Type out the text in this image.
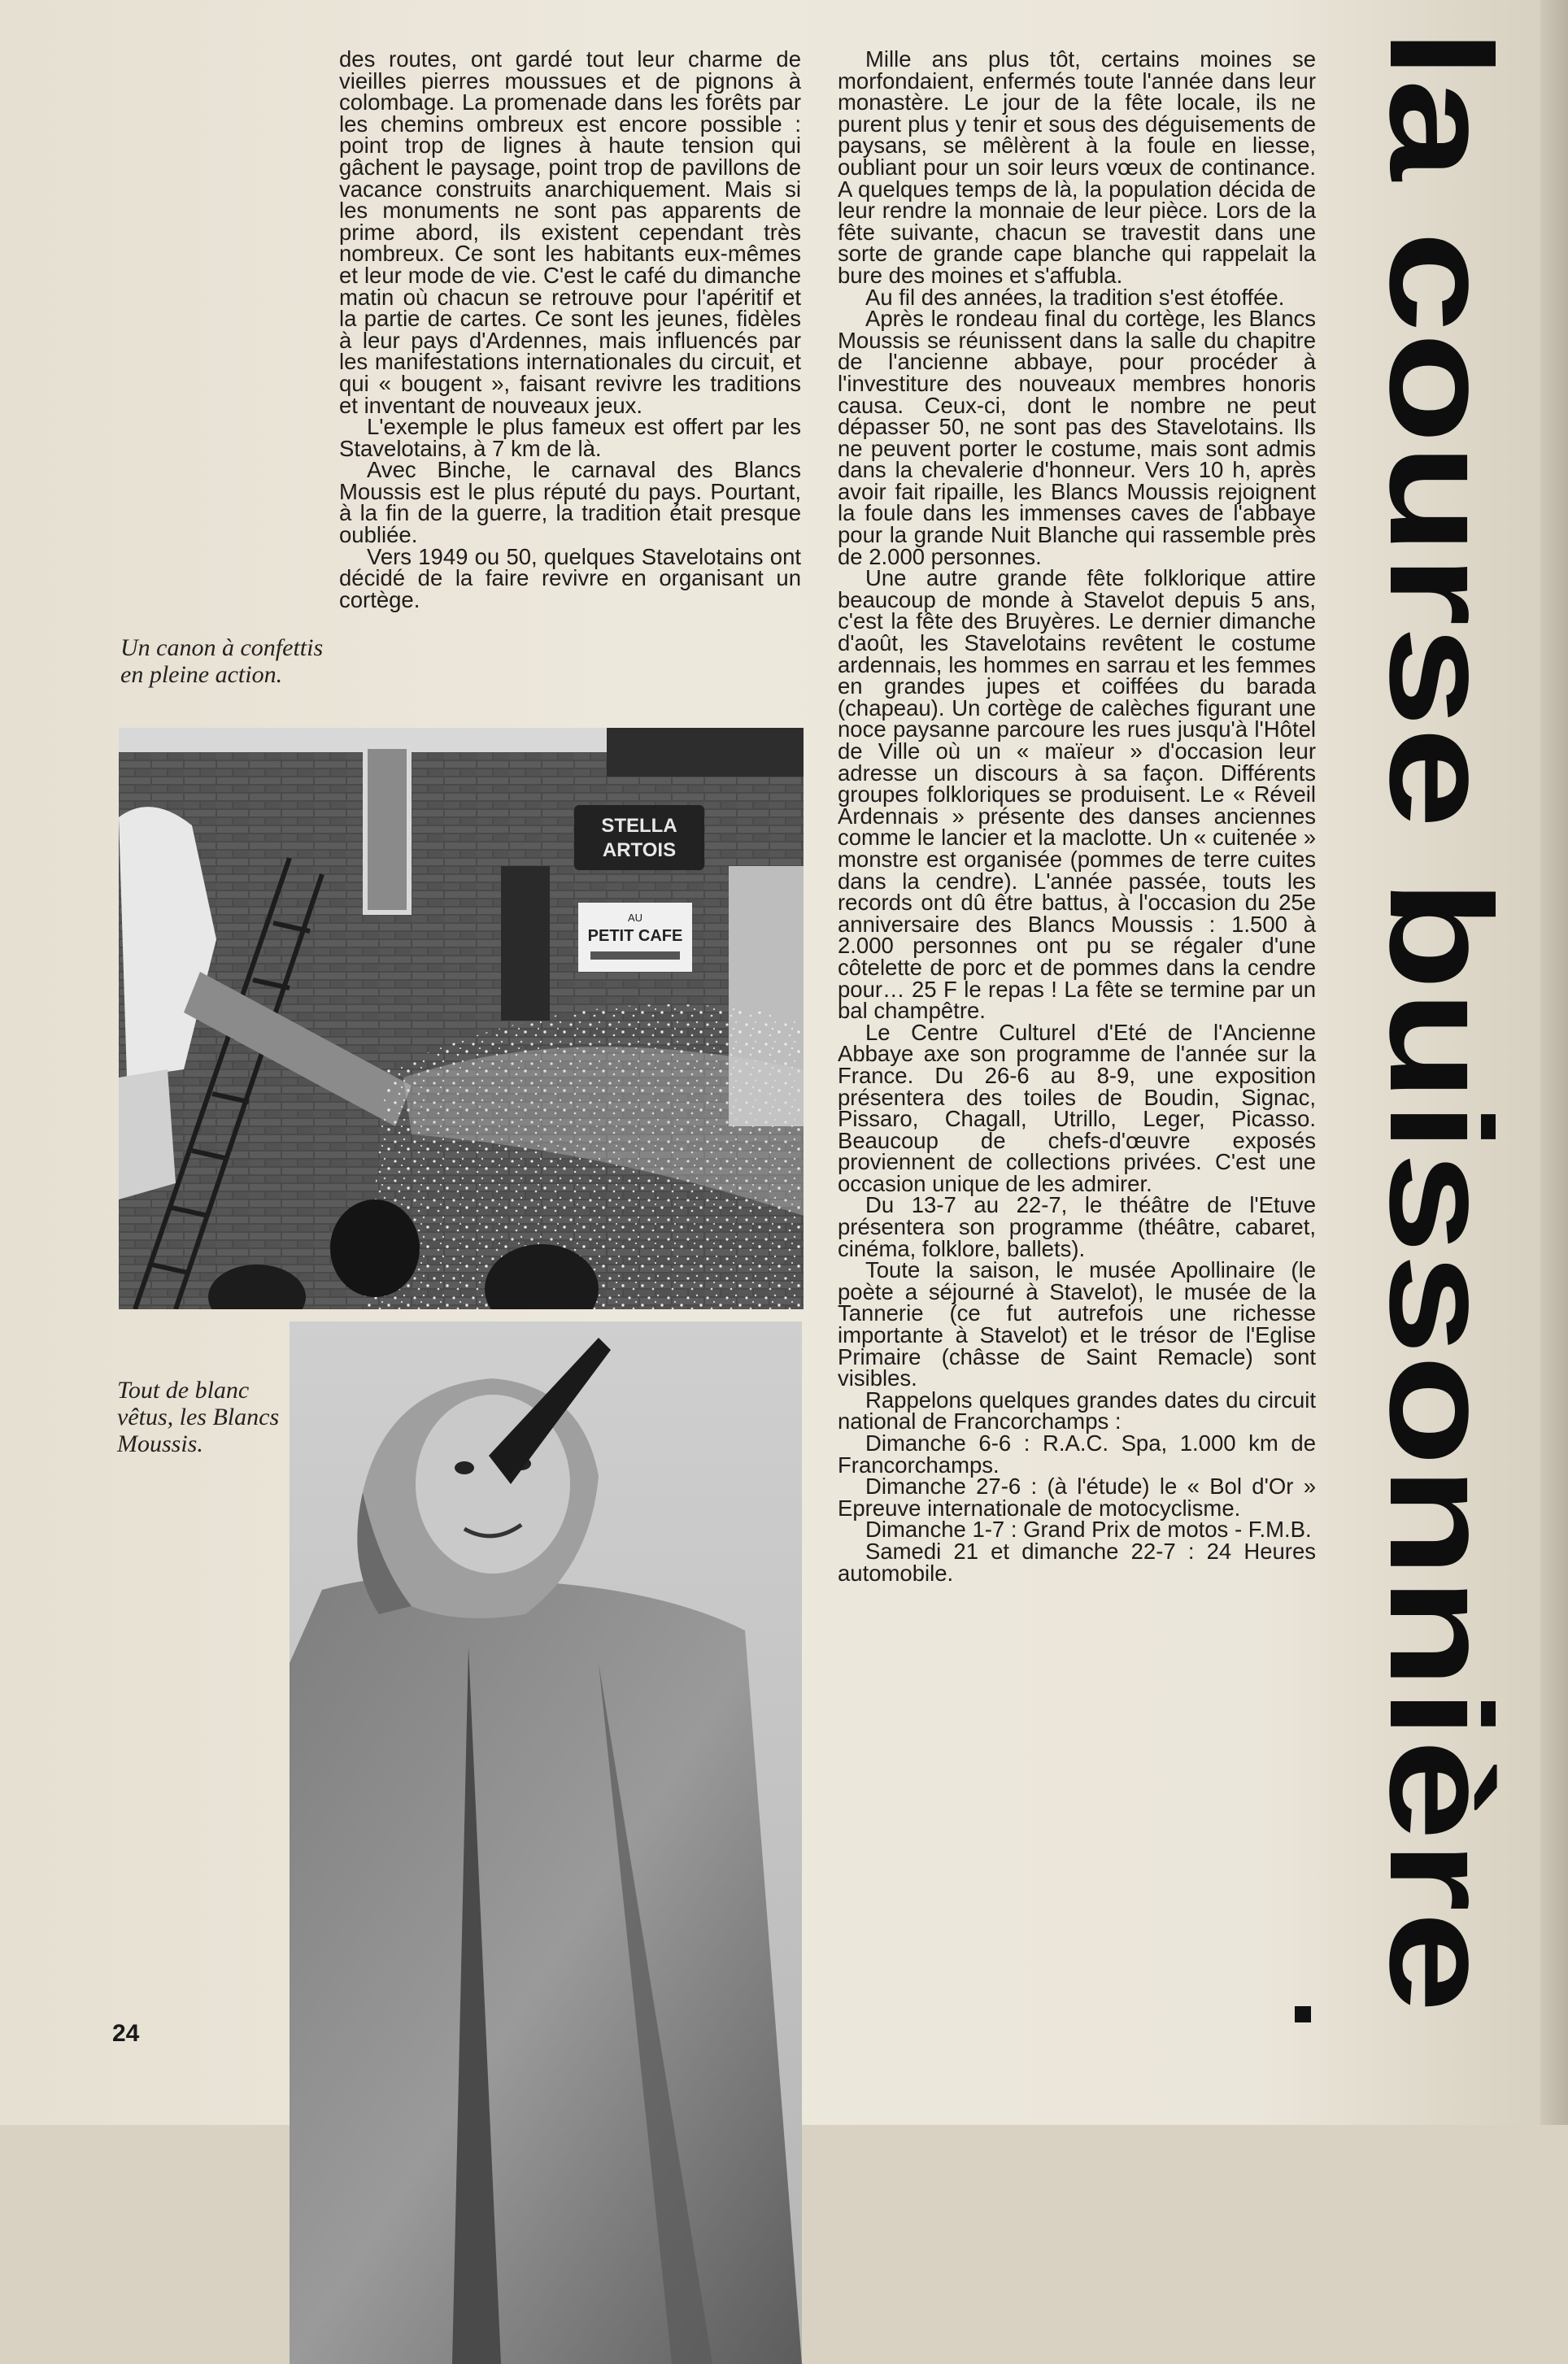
des routes, ont gardé tout leur charme de vieilles pierres moussues et de pignons à colombage. La promenade dans les forêts par les chemins ombreux est encore possible : point trop de lignes à haute tension qui gâchent le paysage, point trop de pavillons de vacance construits anarchiquement. Mais si les monuments ne sont pas apparents de prime abord, ils existent cependant très nombreux. Ce sont les habitants eux-mêmes et leur mode de vie. C'est le café du dimanche matin où chacun se retrouve pour l'apéritif et la partie de cartes. Ce sont les jeunes, fidèles à leur pays d'Ardennes, mais influencés par les manifestations internationales du circuit, et qui « bougent », faisant revivre les traditions et inventant de nouveaux jeux.

L'exemple le plus fameux est offert par les Stavelotains, à 7 km de là.

Avec Binche, le carnaval des Blancs Moussis est le plus réputé du pays. Pourtant, à la fin de la guerre, la tradition était presque oubliée.

Vers 1949 ou 50, quelques Stavelotains ont décidé de la faire revivre en organisant un cortège.

Un canon à confettis en pleine action.
STELLA
ARTOIS
AU
PETIT CAFE
Tout de blanc vêtus, les Blancs Moussis.

Mille ans plus tôt, certains moines se morfondaient, enfermés toute l'année dans leur monastère. Le jour de la fête locale, ils ne purent plus y tenir et sous des déguisements de paysans, se mêlèrent à la foule en liesse, oubliant pour un soir leurs vœux de continance. A quelques temps de là, la population décida de leur rendre la monnaie de leur pièce. Lors de la fête suivante, chacun se travestit dans une sorte de grande cape blanche qui rappelait la bure des moines et s'affubla.

Au fil des années, la tradition s'est étoffée.

Après le rondeau final du cortège, les Blancs Moussis se réunissent dans la salle du chapitre de l'ancienne abbaye, pour procéder à l'investiture des nouveaux membres honoris causa. Ceux-ci, dont le nombre ne peut dépasser 50, ne sont pas des Stavelotains. Ils ne peuvent porter le costume, mais sont admis dans la chevalerie d'honneur. Vers 10 h, après avoir fait ripaille, les Blancs Moussis rejoignent la foule dans les immenses caves de l'abbaye pour la grande Nuit Blanche qui rassemble près de 2.000 personnes.

Une autre grande fête folklorique attire beaucoup de monde à Stavelot depuis 5 ans, c'est la fête des Bruyères. Le dernier dimanche d'août, les Stavelotains revêtent le costume ardennais, les hommes en sarrau et les femmes en grandes jupes et coiffées du barada (chapeau). Un cortège de calèches figurant une noce paysanne parcoure les rues jusqu'à l'Hôtel de Ville où un « maïeur » d'occasion leur adresse un discours à sa façon. Différents groupes folkloriques se produisent. Le « Réveil Ardennais » présente des danses anciennes comme le lancier et la maclotte. Un « cuitenée » monstre est organisée (pommes de terre cuites dans la cendre). L'année passée, touts les records ont dû être battus, à l'occasion du 25e anniversaire des Blancs Moussis : 1.500 à 2.000 personnes ont pu se régaler d'une côtelette de porc et de pommes dans la cendre pour… 25 F le repas ! La fête se termine par un bal champêtre.

Le Centre Culturel d'Eté de l'Ancienne Abbaye axe son programme de l'année sur la France. Du 26-6 au 8-9, une exposition présentera des toiles de Boudin, Signac, Pissaro, Chagall, Utrillo, Leger, Picasso. Beaucoup de chefs-d'œuvre exposés proviennent de collections privées. C'est une occasion unique de les admirer.

Du 13-7 au 22-7, le théâtre de l'Etuve présentera son programme (théâtre, cabaret, cinéma, folklore, ballets).

Toute la saison, le musée Apollinaire (le poète a séjourné à Stavelot), le musée de la Tannerie (ce fut autrefois une richesse importante à Stavelot) et le trésor de l'Eglise Primaire (châsse de Saint Remacle) sont visibles.

Rappelons quelques grandes dates du circuit national de Francorchamps :

Dimanche 6-6 : R.A.C. Spa, 1.000 km de Francorchamps.

Dimanche 27-6 : (à l'étude) le « Bol d'Or » Epreuve internationale de motocyclisme.

Dimanche 1-7 : Grand Prix de motos - F.M.B.

Samedi 21 et dimanche 22-7 : 24 Heures automobile.	la course buissonnière
24
